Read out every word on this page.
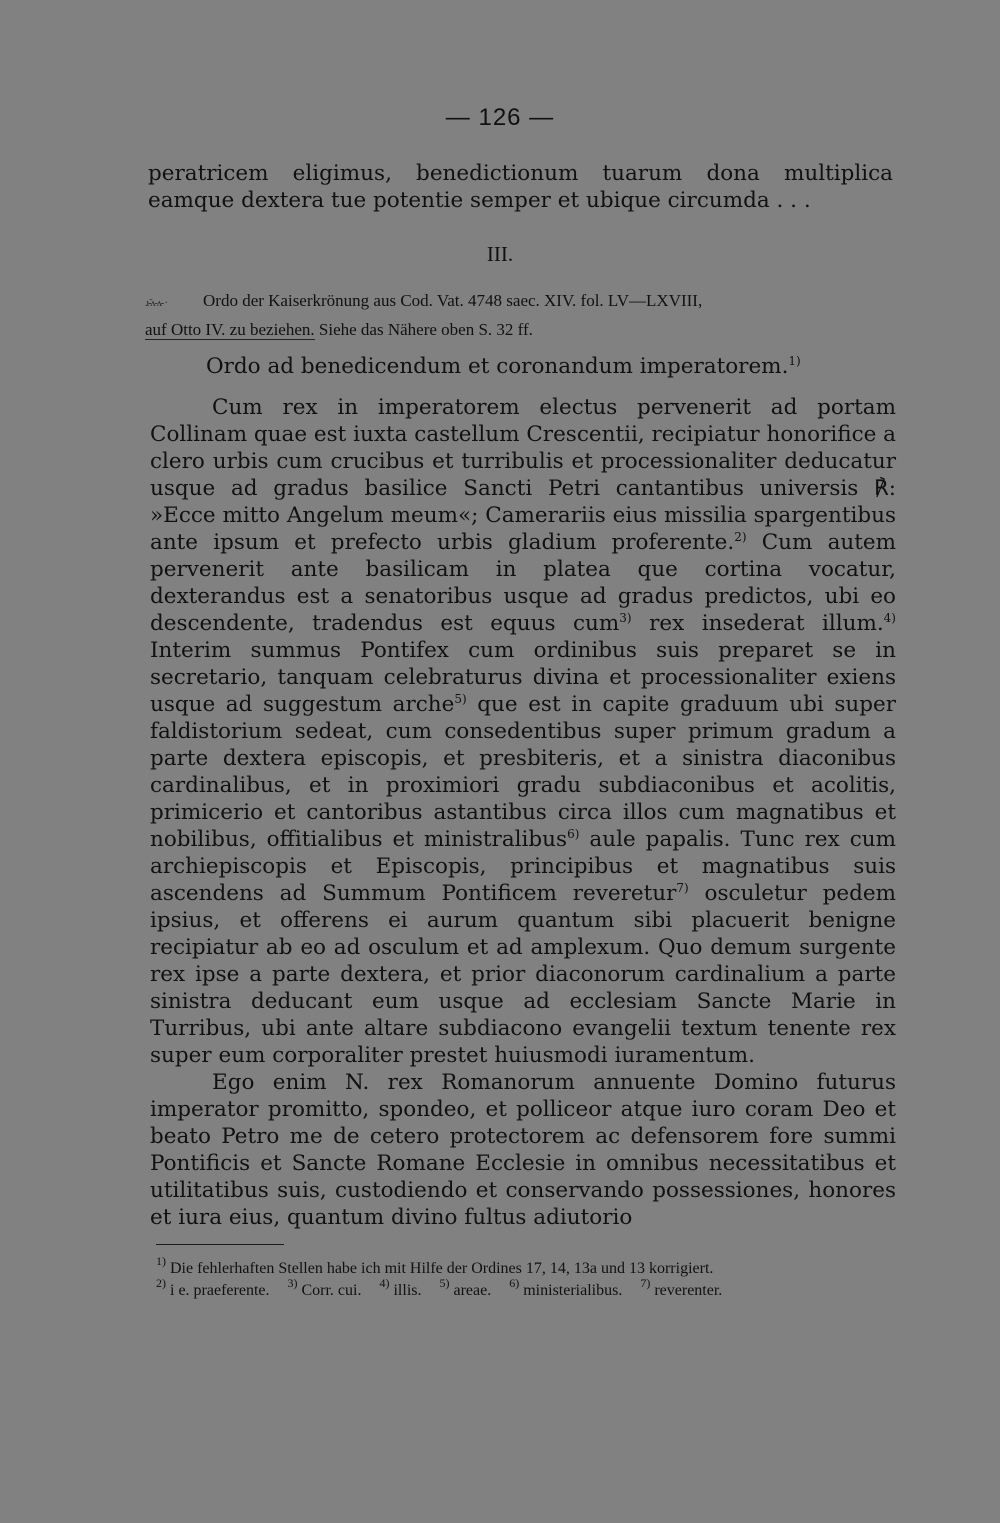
— 126 —
peratricem eligimus, benedictionum tuarum dona multiplica eamque dextera tue potentie semper et ubique circumda . . .
III.
.ɩ̃-ʌ-ʌ- · Ordo der Kaiserkrönung aus Cod. Vat. 4748 saec. XIV. fol. LV—LXVIII,
auf Otto IV. zu beziehen. Siehe das Nähere oben S. 32 ff.
Ordo ad benedicendum et coronandum imperatorem.$^{1)}$

Cum rex in imperatorem electus pervenerit ad portam Collinam quae est iuxta castellum Crescentii, recipiatur honorifice a clero urbis cum crucibus et turribulis et processionaliter deducatur usque ad gradus basilice Sancti Petri cantantibus universis ℟: »Ecce mitto Angelum meum«; Camerariis eius missilia spargentibus ante ipsum et prefecto urbis gladium proferente.$^{2)}$ Cum autem pervenerit ante basilicam in platea que cortina vocatur, dexterandus est a senatoribus usque ad gradus predictos, ubi eo descendente, tradendus est equus cum$^{3)}$ rex insederat illum.$^{4)}$ Interim summus Pontifex cum ordinibus suis preparet se in secretario, tanquam celebraturus divina et processionaliter exiens usque ad suggestum arche$^{5)}$ que est in capite graduum ubi super faldistorium sedeat, cum consedentibus super primum gradum a parte dextera episcopis, et presbiteris, et a sinistra diaconibus cardinalibus, et in proximiori gradu subdiaconibus et acolitis, primicerio et cantoribus astantibus circa illos cum magnatibus et nobilibus, offitialibus et ministralibus$^{6)}$ aule papalis. Tunc rex cum archiepiscopis et Episcopis, principibus et magnatibus suis ascendens ad Summum Pontificem reveretur$^{7)}$ osculetur pedem ipsius, et offerens ei aurum quantum sibi placuerit benigne recipiatur ab eo ad osculum et ad amplexum. Quo demum surgente rex ipse a parte dextera, et prior diaconorum cardinalium a parte sinistra deducant eum usque ad ecclesiam Sancte Marie in Turribus, ubi ante altare subdiacono evangelii textum tenente rex super eum corporaliter prestet huiusmodi iuramentum.

Ego enim N. rex Romanorum annuente Domino futurus imperator promitto, spondeo, et polliceor atque iuro coram Deo et beato Petro me de cetero protectorem ac defensorem fore summi Pontificis et Sancte Romane Ecclesie in omnibus necessitatibus et utilitatibus suis, custodiendo et conservando possessiones, honores et iura eius, quantum divino fultus adiutorio

$^{1)}$ Die fehlerhaften Stellen habe ich mit Hilfe der Ordines 17, 14, 13a und 13 korrigiert.

$^{2)}$ i e. praeferente. $^{3)}$ Corr. cui. $^{4)}$ illis. $^{5)}$ areae. $^{6)}$ ministerialibus. $^{7)}$ reverenter.
